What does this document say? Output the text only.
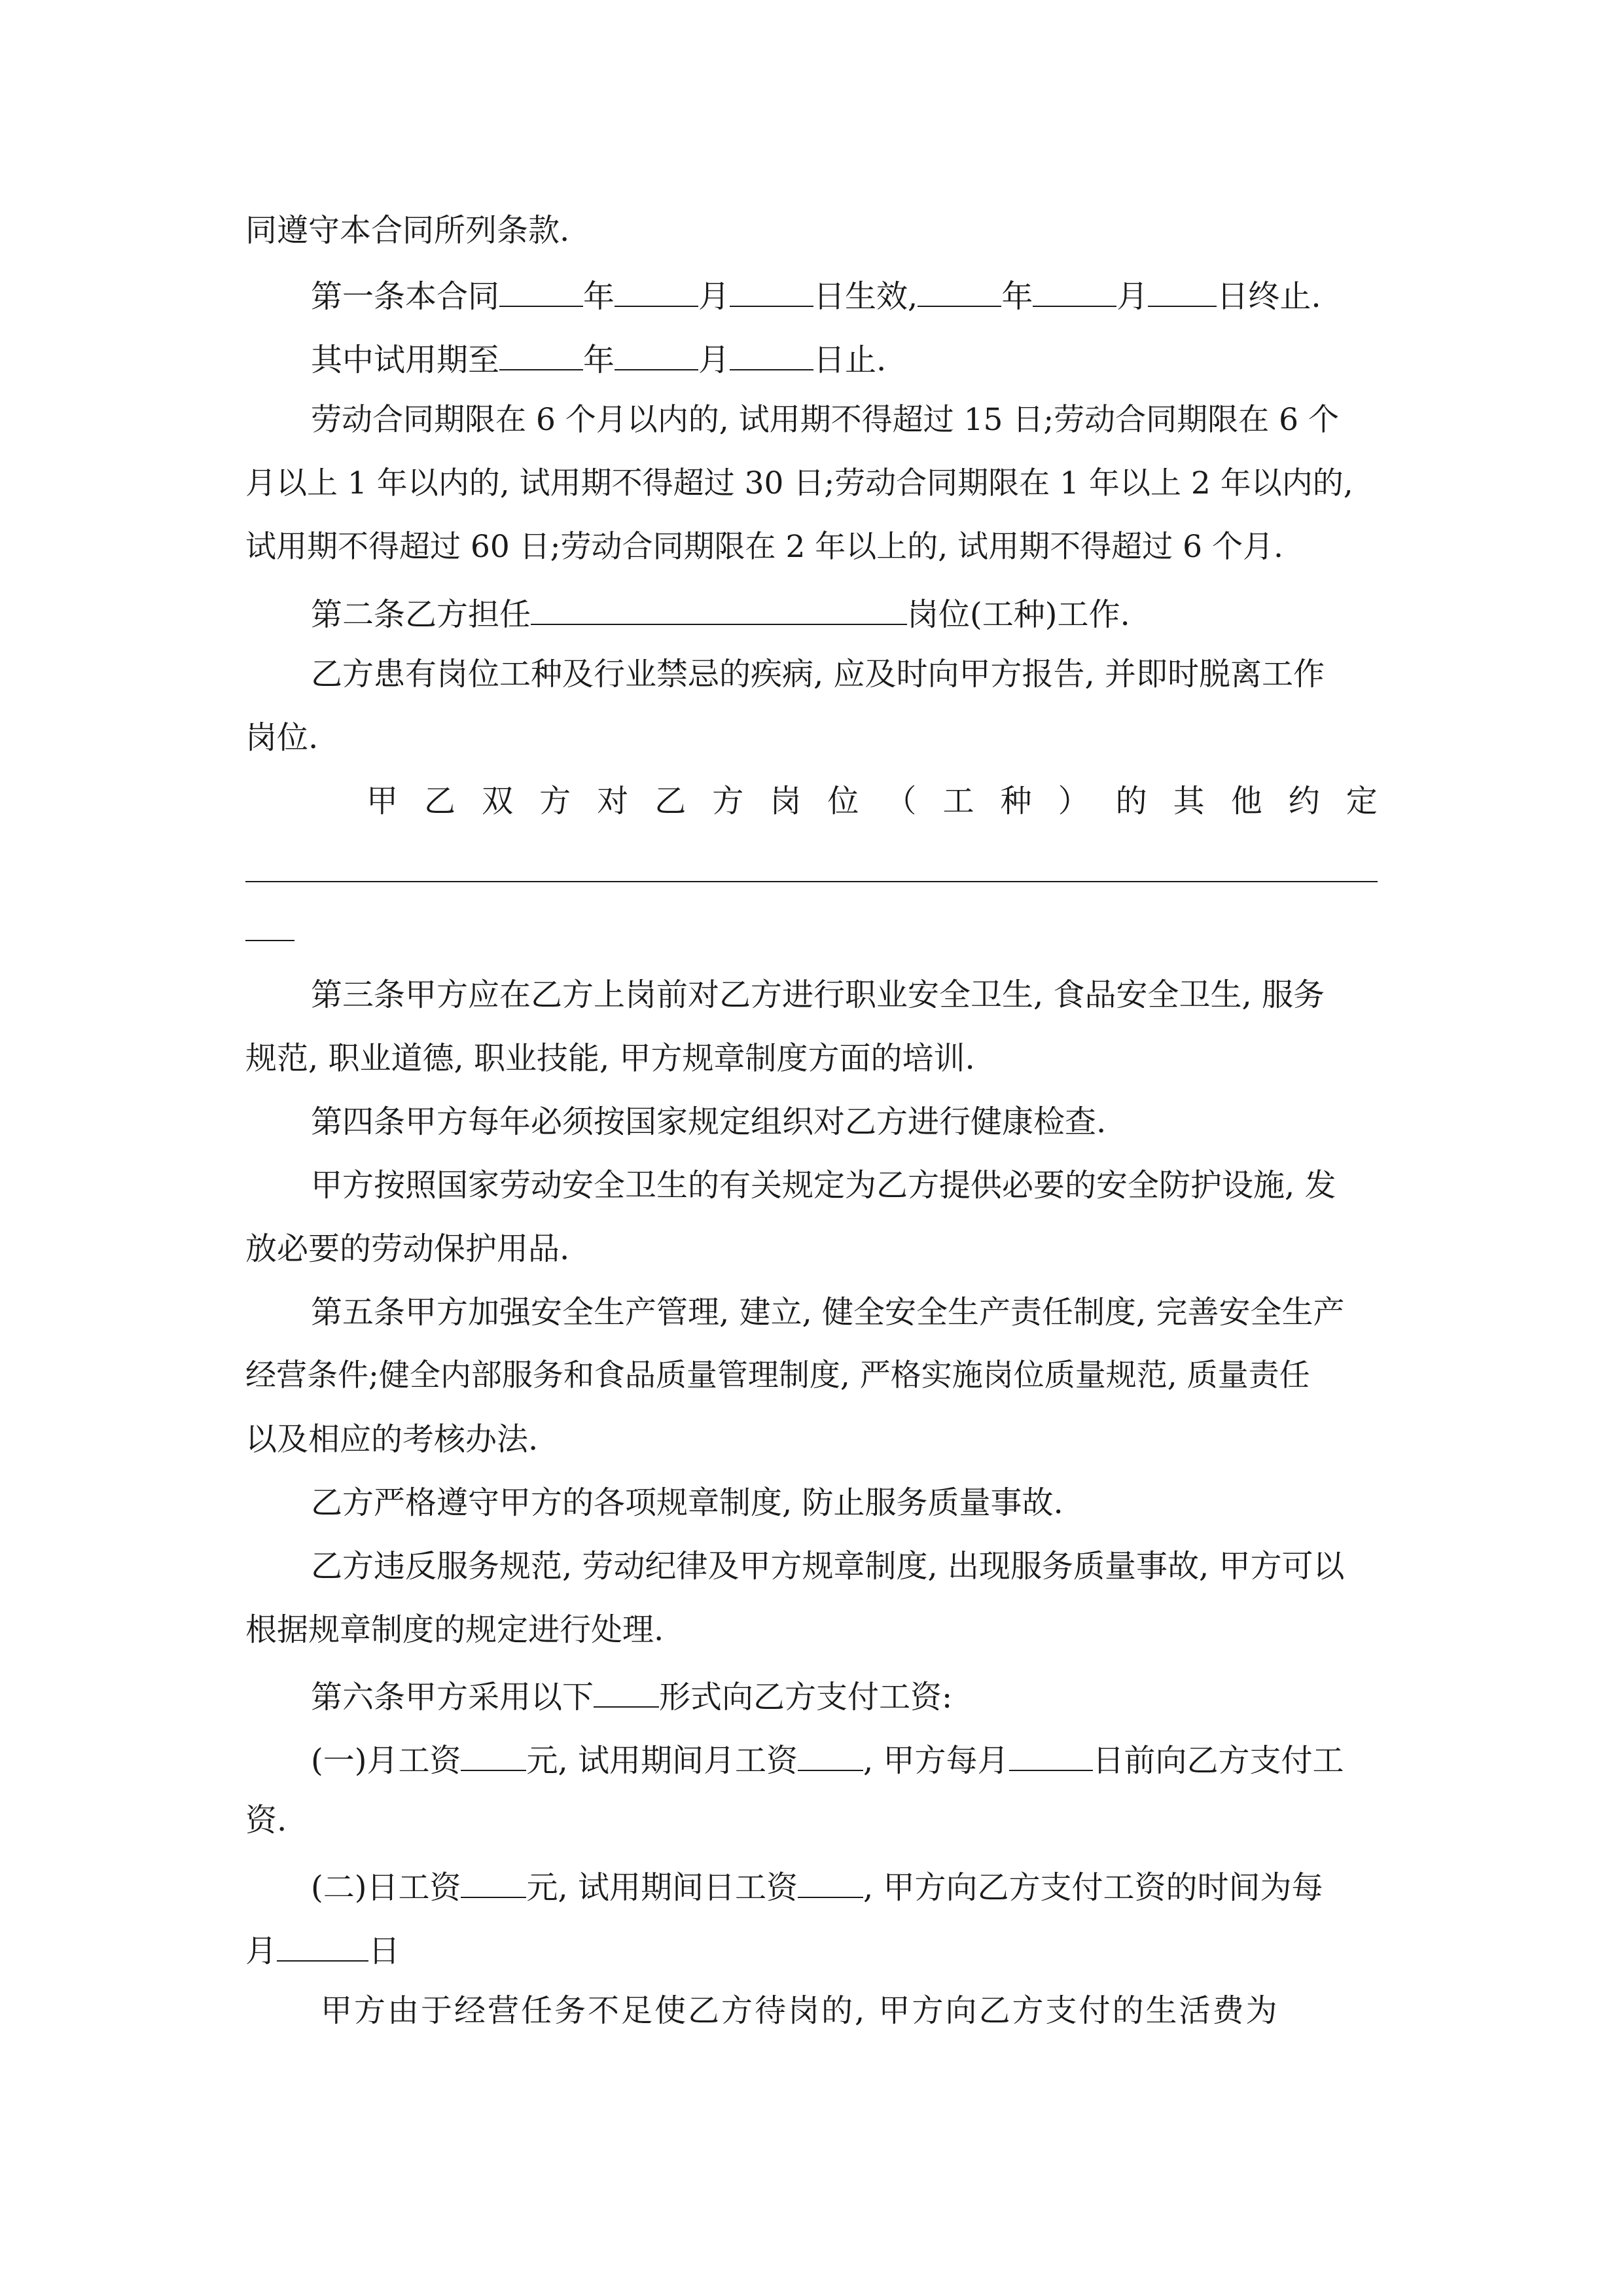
同遵守本合同所列条款.
第一条本合同	年	月	日生效,	年	月 日终止.
其中试用期至	年	月	日止.
劳动合同期限在 6 个月以内的, 试用期不得超过 15 日;劳动合同期限在 6 个
月以上 1 年以内的, 试用期不得超过 30 日;劳动合同期限在 1 年以上 2 年以内的,
试用期不得超过 60 日;劳动合同期限在 2 年以上的, 试用期不得超过 6 个月.
第二条乙方担任	岗位(工种)工作.
乙方患有岗位工种及行业禁忌的疾病, 应及时向甲方报告, 并即时脱离工作
岗位.
甲 乙 双 方 对 乙 方 岗 位 （ 工 种 ） 的 其 他 约 定
第三条甲方应在乙方上岗前对乙方进行职业安全卫生, 食品安全卫生, 服务
规范, 职业道德, 职业技能, 甲方规章制度方面的培训.
第四条甲方每年必须按国家规定组织对乙方进行健康检查.
甲方按照国家劳动安全卫生的有关规定为乙方提供必要的安全防护设施, 发
放必要的劳动保护用品.
第五条甲方加强安全生产管理, 建立, 健全安全生产责任制度, 完善安全生产
经营条件;健全内部服务和食品质量管理制度, 严格实施岗位质量规范, 质量责任
以及相应的考核办法.
乙方严格遵守甲方的各项规章制度, 防止服务质量事故.
乙方违反服务规范, 劳动纪律及甲方规章制度, 出现服务质量事故, 甲方可以
根据规章制度的规定进行处理.
第六条甲方采用以下 形式向乙方支付工资:
(一)月工资 元, 试用期间月工资 , 甲方每月	日前向乙方支付工
资.
(二)日工资 元, 试用期间日工资 , 甲方向乙方支付工资的时间为每
月	日
甲方由于经营任务不足使乙方待岗的, 甲方向乙方支付的生活费为
